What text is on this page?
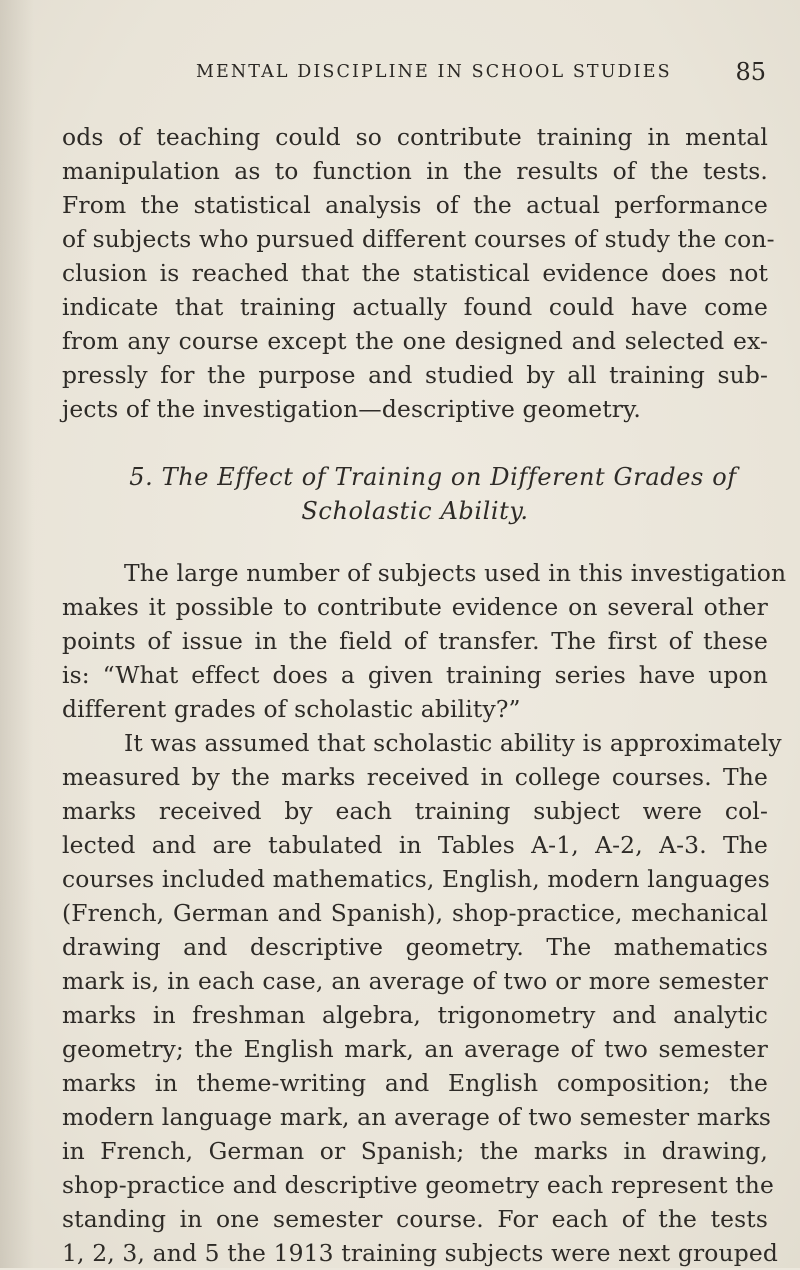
MENTAL DISCIPLINE IN SCHOOL STUDIES	85
ods of teaching could so contribute training in mental
manipulation as to function in the results of the tests.
From the statistical analysis of the actual performance
of subjects who pursued different courses of study the con-
clusion is reached that the statistical evidence does not
indicate that training actually found could have come
from any course except the one designed and selected ex-
pressly for the purpose and studied by all training sub-
jects of the investigation—descriptive geometry.
5. The Effect of Training on Different Grades of
Scholastic Ability.
The large number of subjects used in this investigation
makes it possible to contribute evidence on several other
points of issue in the field of transfer. The first of these
is: “What effect does a given training series have upon
different grades of scholastic ability?”
It was assumed that scholastic ability is approximately
measured by the marks received in college courses. The
marks received by each training subject were col-
lected and are tabulated in Tables A-1, A-2, A-3. The
courses included mathematics, English, modern languages
(French, German and Spanish), shop-practice, mechanical
drawing and descriptive geometry. The mathematics
mark is, in each case, an average of two or more semester
marks in freshman algebra, trigonometry and analytic
geometry; the English mark, an average of two semester
marks in theme-writing and English composition; the
modern language mark, an average of two semester marks
in French, German or Spanish; the marks in drawing,
shop-practice and descriptive geometry each represent the
standing in one semester course. For each of the tests
1, 2, 3, and 5 the 1913 training subjects were next grouped
